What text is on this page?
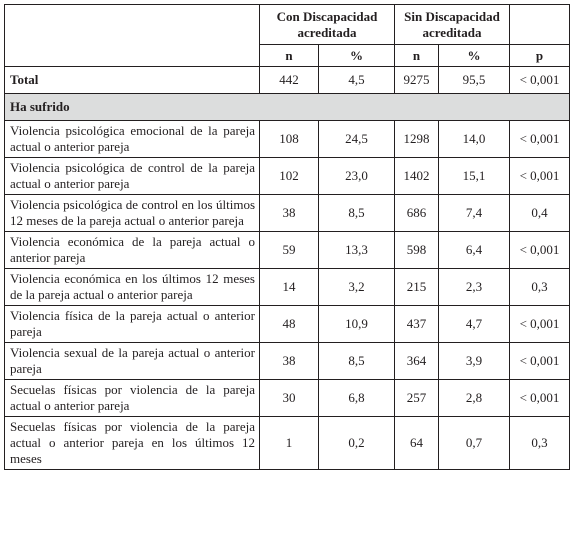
	Con Discapacidad acreditada		Sin Discapacidad acreditada		
	n	%	n	%	p
Total	442	4,5	9275	95,5	< 0,001
Ha sufrido					
Violencia psicológica emocional de la pareja actual o anterior pareja	108	24,5	1298	14,0	< 0,001
Violencia psicológica de control de la pareja actual o anterior pareja	102	23,0	1402	15,1	< 0,001
Violencia psicológica de control en los últimos 12 meses de la pareja actual o anterior pareja	38	8,5	686	7,4	0,4
Violencia económica de la pareja actual o anterior pareja	59	13,3	598	6,4	< 0,001
Violencia económica en los últimos 12 meses de la pareja actual o anterior pareja	14	3,2	215	2,3	0,3
Violencia física de la pareja actual o anterior pareja	48	10,9	437	4,7	< 0,001
Violencia sexual de la pareja actual o anterior pareja	38	8,5	364	3,9	< 0,001
Secuelas físicas por violencia de la pareja actual o anterior pareja	30	6,8	257	2,8	< 0,001
Secuelas físicas por violencia de la pareja actual o anterior pareja en los últimos 12 meses	1	0,2	64	0,7	0,3
